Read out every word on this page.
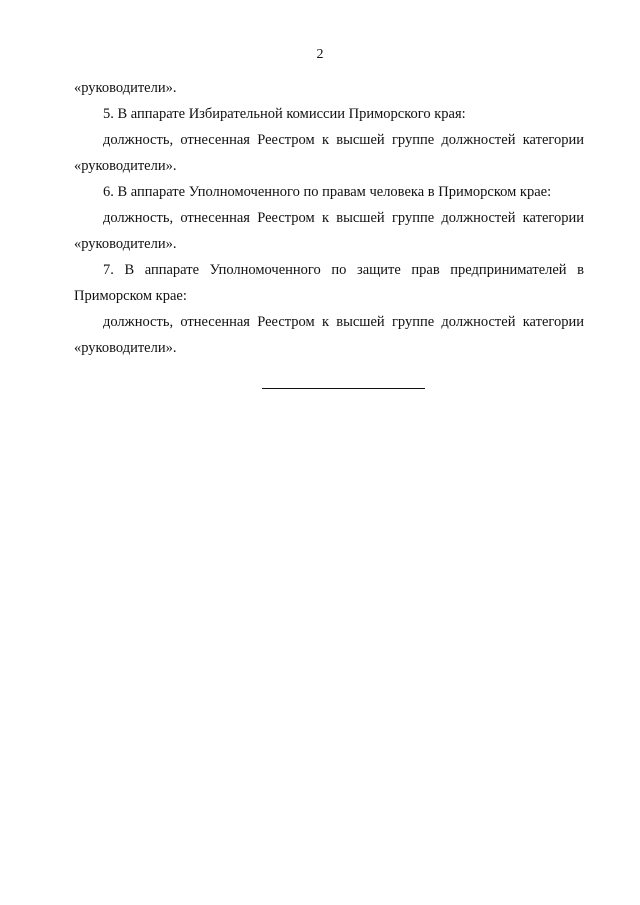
2
«руководители».
5. В аппарате Избирательной комиссии Приморского края:
должность, отнесенная Реестром к высшей группе должностей категории
«руководители».
6. В аппарате Уполномоченного по правам человека в Приморском крае:
должность, отнесенная Реестром к высшей группе должностей категории
«руководители».
7. В аппарате Уполномоченного по защите прав предпринимателей в
Приморском крае:
должность, отнесенная Реестром к высшей группе должностей категории
«руководители».
